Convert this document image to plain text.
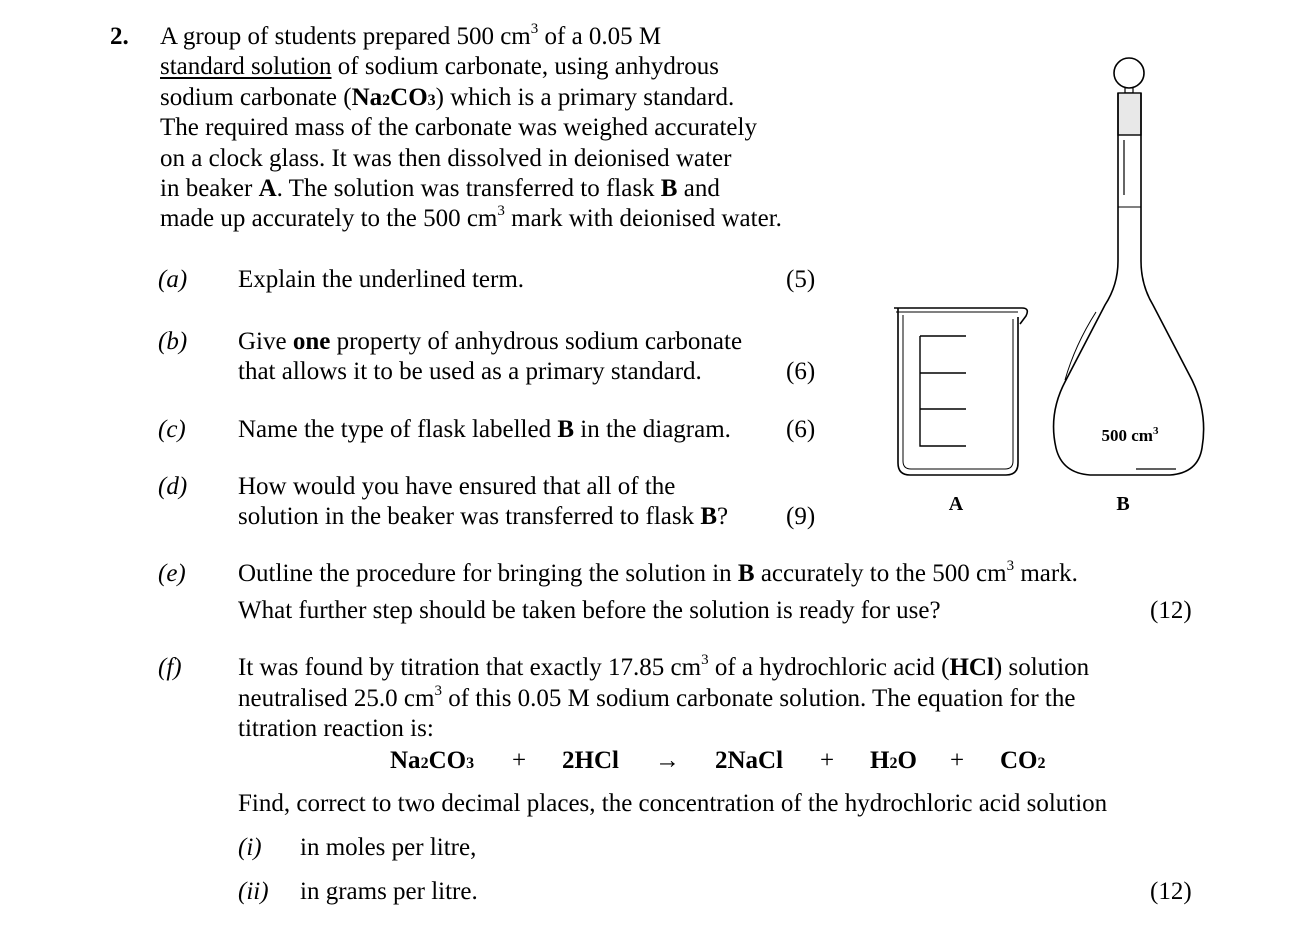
2. A group of students prepared 500 $cm^3$ of a 0.05 M
standard solution of sodium carbonate, using anhydrous
sodium carbonate (Na2CO3) which is a primary standard.
The required mass of the carbonate was weighed accurately
on a clock glass. It was then dissolved in deionised water
in beaker A. The solution was transferred to flask B and
made up accurately to the 500 $cm^3$ mark with deionised water.
(a) Explain the underlined term.	(5)
(b) Give one property of anhydrous sodium carbonate
that allows it to be used as a primary standard.	(6)
(c) Name the type of flask labelled B in the diagram. (6)
(d) How would you have ensured that all of the
solution in the beaker was transferred to flask B? (9)
(e) Outline the procedure for bringing the solution in B accurately to the 500 $cm^3$ mark.
What further step should be taken before the solution is ready for use?	(12)
(f) It was found by titration that exactly 17.85 $cm^3$ of a hydrochloric acid (HCl) solution
neutralised 25.0 $cm^3$ of this 0.05 M sodium carbonate solution. The equation for the
titration reaction is:
Na2CO3 + 2HCl → 2NaCl + H2O + CO2
Find, correct to two decimal places, the concentration of the hydrochloric acid solution
(i) in moles per litre,
(ii) in grams per litre.	(12)
500 $cm^3$
A	B
